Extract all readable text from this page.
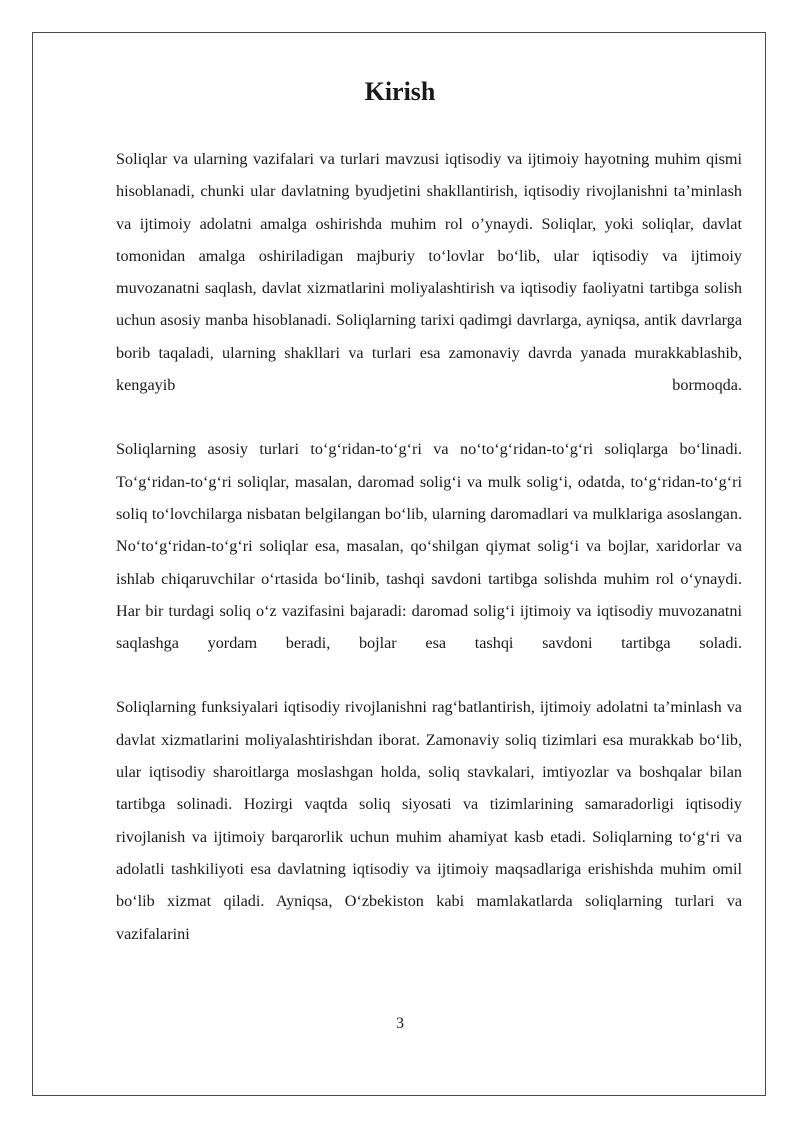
Kirish

Soliqlar va ularning vazifalari va turlari mavzusi iqtisodiy va ijtimoiy hayotning muhim qismi hisoblanadi, chunki ular davlatning byudjetini shakllantirish, iqtisodiy rivojlanishni ta’minlash va ijtimoiy adolatni amalga oshirishda muhim rol o’ynaydi. Soliqlar, yoki soliqlar, davlat tomonidan amalga oshiriladigan majburiy to‘lovlar bo‘lib, ular iqtisodiy va ijtimoiy muvozanatni saqlash, davlat xizmatlarini moliyalashtirish va iqtisodiy faoliyatni tartibga solish uchun asosiy manba hisoblanadi. Soliqlarning tarixi qadimgi davrlarga, ayniqsa, antik davrlarga borib taqaladi, ularning shakllari va turlari esa zamonaviy davrda yanada murakkablashib, kengayib bormoqda.

Soliqlarning asosiy turlari to‘g‘ridan-to‘g‘ri va no‘to‘g‘ridan-to‘g‘ri soliqlarga bo‘linadi. To‘g‘ridan-to‘g‘ri soliqlar, masalan, daromad solig‘i va mulk solig‘i, odatda, to‘g‘ridan-to‘g‘ri soliq to‘lovchilarga nisbatan belgilangan bo‘lib, ularning daromadlari va mulklariga asoslangan. No‘to‘g‘ridan-to‘g‘ri soliqlar esa, masalan, qo‘shilgan qiymat solig‘i va bojlar, xaridorlar va ishlab chiqaruvchilar o‘rtasida bo‘linib, tashqi savdoni tartibga solishda muhim rol o‘ynaydi. Har bir turdagi soliq o‘z vazifasini bajaradi: daromad solig‘i ijtimoiy va iqtisodiy muvozanatni saqlashga yordam beradi, bojlar esa tashqi savdoni tartibga soladi.

Soliqlarning funksiyalari iqtisodiy rivojlanishni rag‘batlantirish, ijtimoiy adolatni ta’minlash va davlat xizmatlarini moliyalashtirishdan iborat. Zamonaviy soliq tizimlari esa murakkab bo‘lib, ular iqtisodiy sharoitlarga moslashgan holda, soliq stavkalari, imtiyozlar va boshqalar bilan tartibga solinadi. Hozirgi vaqtda soliq siyosati va tizimlarining samaradorligi iqtisodiy rivojlanish va ijtimoiy barqarorlik uchun muhim ahamiyat kasb etadi. Soliqlarning to‘g‘ri va adolatli tashkiliyoti esa davlatning iqtisodiy va ijtimoiy maqsadlariga erishishda muhim omil bo‘lib xizmat qiladi. Ayniqsa, O‘zbekiston kabi mamlakatlarda soliqlarning turlari va vazifalarini

3
